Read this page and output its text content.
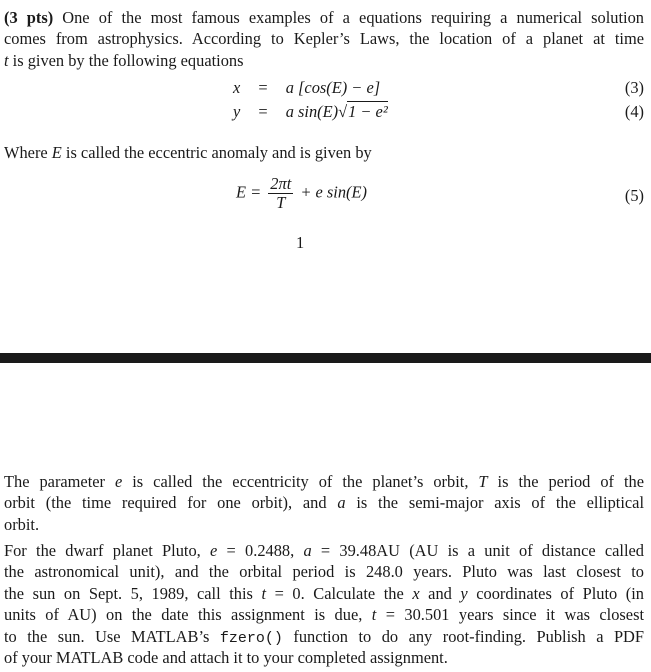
(3 pts) One of the most famous examples of a equations requiring a numerical solution
comes from astrophysics. According to Kepler’s Laws, the location of a planet at time
t is given by the following equations
x = a [cos(E) − e]	(3)
y = a sin(E)√1 − e²	(4)
Where E is called the eccentric anomaly and is given by
$E = \frac{2\pi t}{T} + e$ sin(E)	(5)
1
The parameter e is called the eccentricity of the planet’s orbit, T is the period of the
orbit (the time required for one orbit), and a is the semi-major axis of the elliptical
orbit.
For the dwarf planet Pluto, e = 0.2488, a = 39.48AU (AU is a unit of distance called
the astronomical unit), and the orbital period is 248.0 years. Pluto was last closest to
the sun on Sept. 5, 1989, call this t = 0. Calculate the x and y coordinates of Pluto (in
units of AU) on the date this assignment is due, t = 30.501 years since it was closest
to the sun. Use MATLAB’s fzero() function to do any root-finding. Publish a PDF
of your MATLAB code and attach it to your completed assignment.
